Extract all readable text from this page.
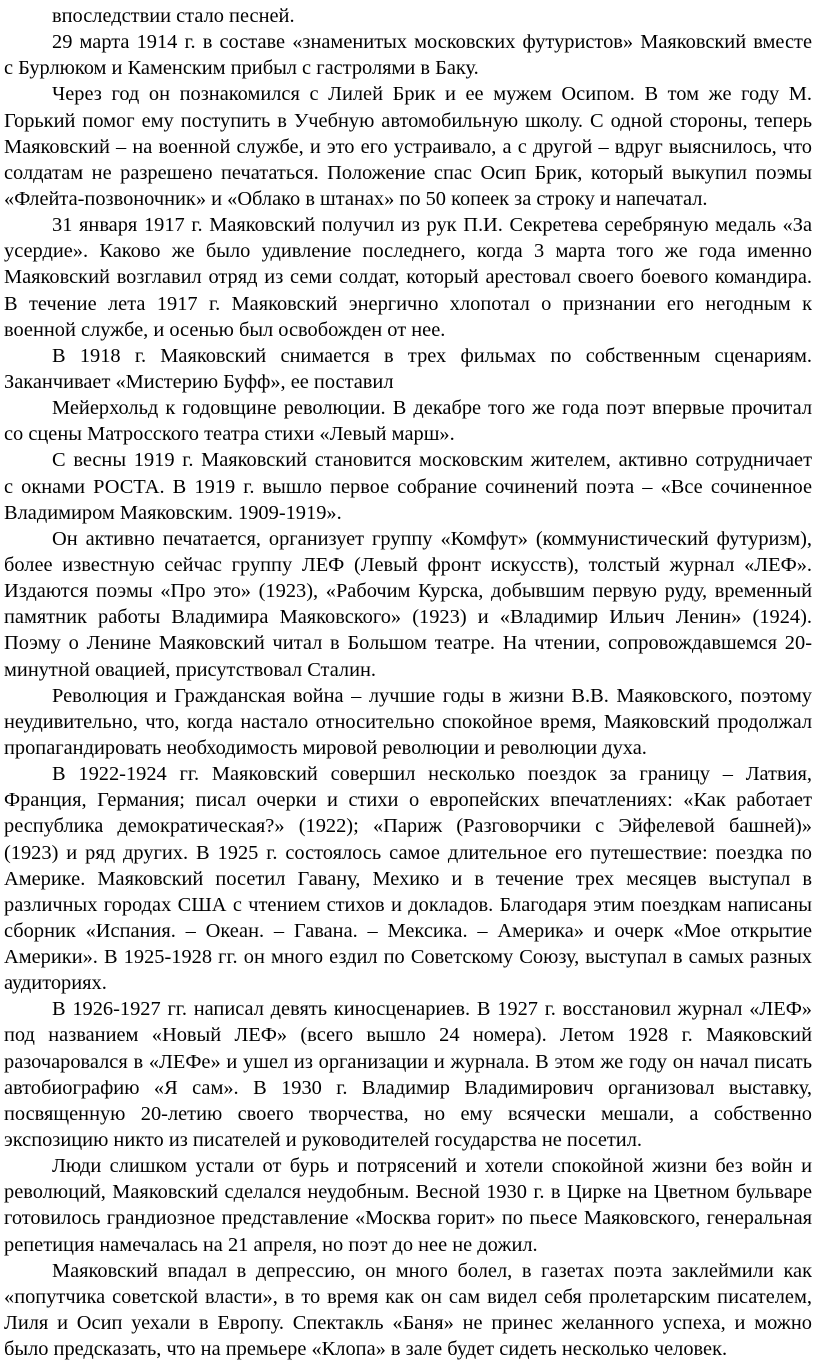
впоследствии стало песней.
29 марта 1914 г. в составе «знаменитых московских футуристов» Маяковский вместе
с Бурлюком и Каменским прибыл с гастролями в Баку.
Через год он познакомился с Лилей Брик и ее мужем Осипом. В том же году М.
Горький помог ему поступить в Учебную автомобильную школу. С одной стороны, теперь
Маяковский – на военной службе, и это его устраивало, а с другой – вдруг выяснилось, что
солдатам не разрешено печататься. Положение спас Осип Брик, который выкупил поэмы
«Флейта-позвоночник» и «Облако в штанах» по 50 копеек за строку и напечатал.
31 января 1917 г. Маяковский получил из рук П.И. Секретева серебряную медаль «За
усердие». Каково же было удивление последнего, когда 3 марта того же года именно
Маяковский возглавил отряд из семи солдат, который арестовал своего боевого командира.
В течение лета 1917 г. Маяковский энергично хлопотал о признании его негодным к
военной службе, и осенью был освобожден от нее.
В 1918 г. Маяковский снимается в трех фильмах по собственным сценариям.
Заканчивает «Мистерию Буфф», ее поставил
Мейерхольд к годовщине революции. В декабре того же года поэт впервые прочитал
со сцены Матросского театра стихи «Левый марш».
С весны 1919 г. Маяковский становится московским жителем, активно сотрудничает
с окнами РОСТА. В 1919 г. вышло первое собрание сочинений поэта – «Все сочиненное
Владимиром Маяковским. 1909-1919».
Он активно печатается, организует группу «Комфут» (коммунистический футуризм),
более известную сейчас группу ЛЕФ (Левый фронт искусств), толстый журнал «ЛЕФ».
Издаются поэмы «Про это» (1923), «Рабочим Курска, добывшим первую руду, временный
памятник работы Владимира Маяковского» (1923) и «Владимир Ильич Ленин» (1924).
Поэму о Ленине Маяковский читал в Большом театре. На чтении, сопровождавшемся 20-
минутной овацией, присутствовал Сталин.
Революция и Гражданская война – лучшие годы в жизни В.В. Маяковского, поэтому
неудивительно, что, когда настало относительно спокойное время, Маяковский продолжал
пропагандировать необходимость мировой революции и революции духа.
В 1922-1924 гг. Маяковский совершил несколько поездок за границу – Латвия,
Франция, Германия; писал очерки и стихи о европейских впечатлениях: «Как работает
республика демократическая?» (1922); «Париж (Разговорчики с Эйфелевой башней)»
(1923) и ряд других. В 1925 г. состоялось самое длительное его путешествие: поездка по
Америке. Маяковский посетил Гавану, Мехико и в течение трех месяцев выступал в
различных городах США с чтением стихов и докладов. Благодаря этим поездкам написаны
сборник «Испания. – Океан. – Гавана. – Мексика. – Америка» и очерк «Мое открытие
Америки». В 1925-1928 гг. он много ездил по Советскому Союзу, выступал в самых разных
аудиториях.
В 1926-1927 гг. написал девять киносценариев. В 1927 г. восстановил журнал «ЛЕФ»
под названием «Новый ЛЕФ» (всего вышло 24 номера). Летом 1928 г. Маяковский
разочаровался в «ЛЕФе» и ушел из организации и журнала. В этом же году он начал писать
автобиографию «Я сам». В 1930 г. Владимир Владимирович организовал выставку,
посвященную 20-летию своего творчества, но ему всячески мешали, а собственно
экспозицию никто из писателей и руководителей государства не посетил.
Люди слишком устали от бурь и потрясений и хотели спокойной жизни без войн и
революций, Маяковский сделался неудобным. Весной 1930 г. в Цирке на Цветном бульваре
готовилось грандиозное представление «Москва горит» по пьесе Маяковского, генеральная
репетиция намечалась на 21 апреля, но поэт до нее не дожил.
Маяковский впадал в депрессию, он много болел, в газетах поэта заклеймили как
«попутчика советской власти», в то время как он сам видел себя пролетарским писателем,
Лиля и Осип уехали в Европу. Спектакль «Баня» не принес желанного успеха, и можно
было предсказать, что на премьере «Клопа» в зале будет сидеть несколько человек.
